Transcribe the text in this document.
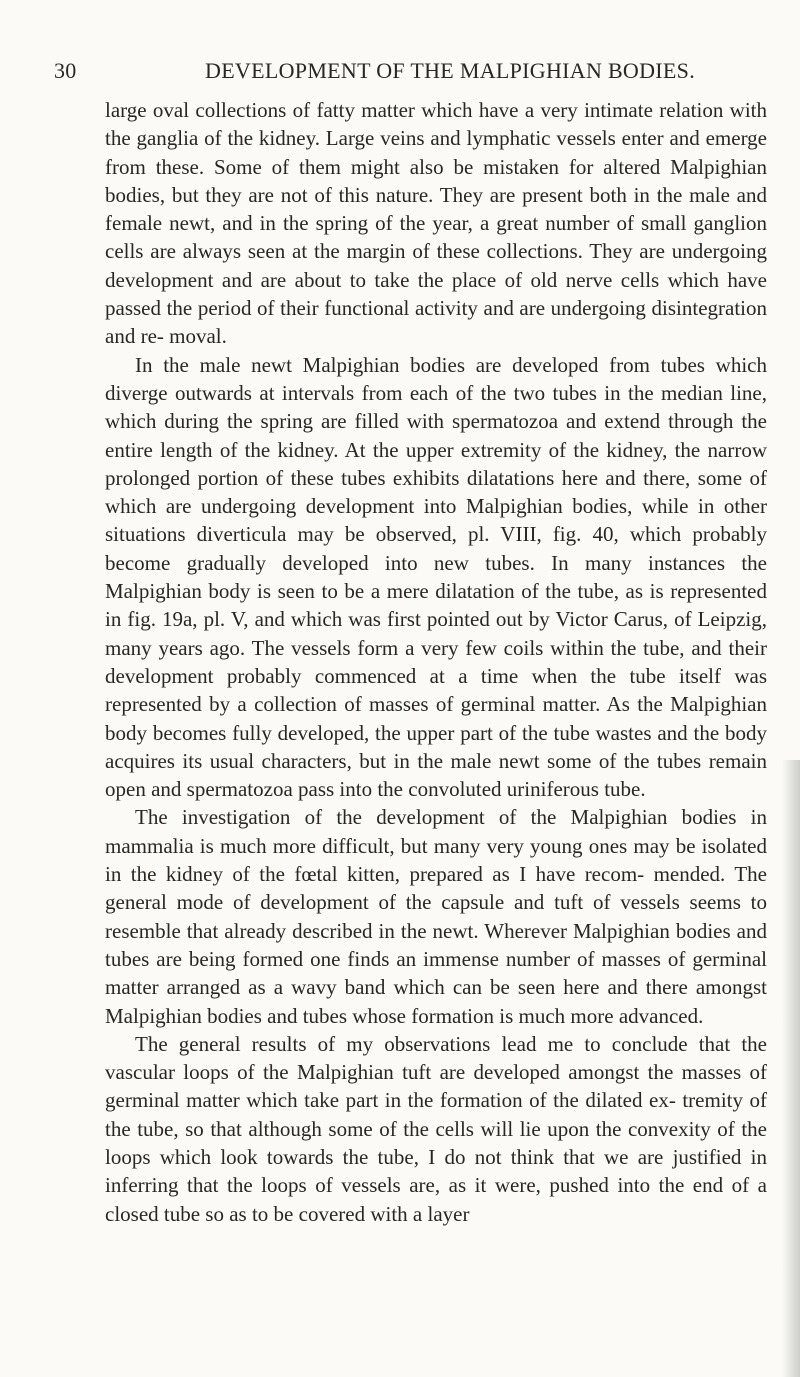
30	DEVELOPMENT OF THE MALPIGHIAN BODIES.

large oval collections of fatty matter which have a very intimate relation with the ganglia of the kidney. Large veins and lymphatic vessels enter and emerge from these. Some of them might also be mistaken for altered Malpighian bodies, but they are not of this nature. They are present both in the male and female newt, and in the spring of the year, a great number of small ganglion cells are always seen at the margin of these collections. They are undergoing development and are about to take the place of old nerve cells which have passed the period of their functional activity and are undergoing disintegration and re- moval.

In the male newt Malpighian bodies are developed from tubes which diverge outwards at intervals from each of the two tubes in the median line, which during the spring are filled with spermatozoa and extend through the entire length of the kidney. At the upper extremity of the kidney, the narrow prolonged portion of these tubes exhibits dilatations here and there, some of which are undergoing development into Malpighian bodies, while in other situations diverticula may be observed, pl. VIII, fig. 40, which probably become gradually developed into new tubes. In many instances the Malpighian body is seen to be a mere dilatation of the tube, as is represented in fig. 19a, pl. V, and which was first pointed out by Victor Carus, of Leipzig, many years ago. The vessels form a very few coils within the tube, and their development probably commenced at a time when the tube itself was represented by a collection of masses of germinal matter. As the Malpighian body becomes fully developed, the upper part of the tube wastes and the body acquires its usual characters, but in the male newt some of the tubes remain open and spermatozoa pass into the convoluted uriniferous tube.

The investigation of the development of the Malpighian bodies in mammalia is much more difficult, but many very young ones may be isolated in the kidney of the fœtal kitten, prepared as I have recom- mended. The general mode of development of the capsule and tuft of vessels seems to resemble that already described in the newt. Wherever Malpighian bodies and tubes are being formed one finds an immense number of masses of germinal matter arranged as a wavy band which can be seen here and there amongst Malpighian bodies and tubes whose formation is much more advanced.

The general results of my observations lead me to conclude that the vascular loops of the Malpighian tuft are developed amongst the masses of germinal matter which take part in the formation of the dilated ex- tremity of the tube, so that although some of the cells will lie upon the convexity of the loops which look towards the tube, I do not think that we are justified in inferring that the loops of vessels are, as it were, pushed into the end of a closed tube so as to be covered with a layer
